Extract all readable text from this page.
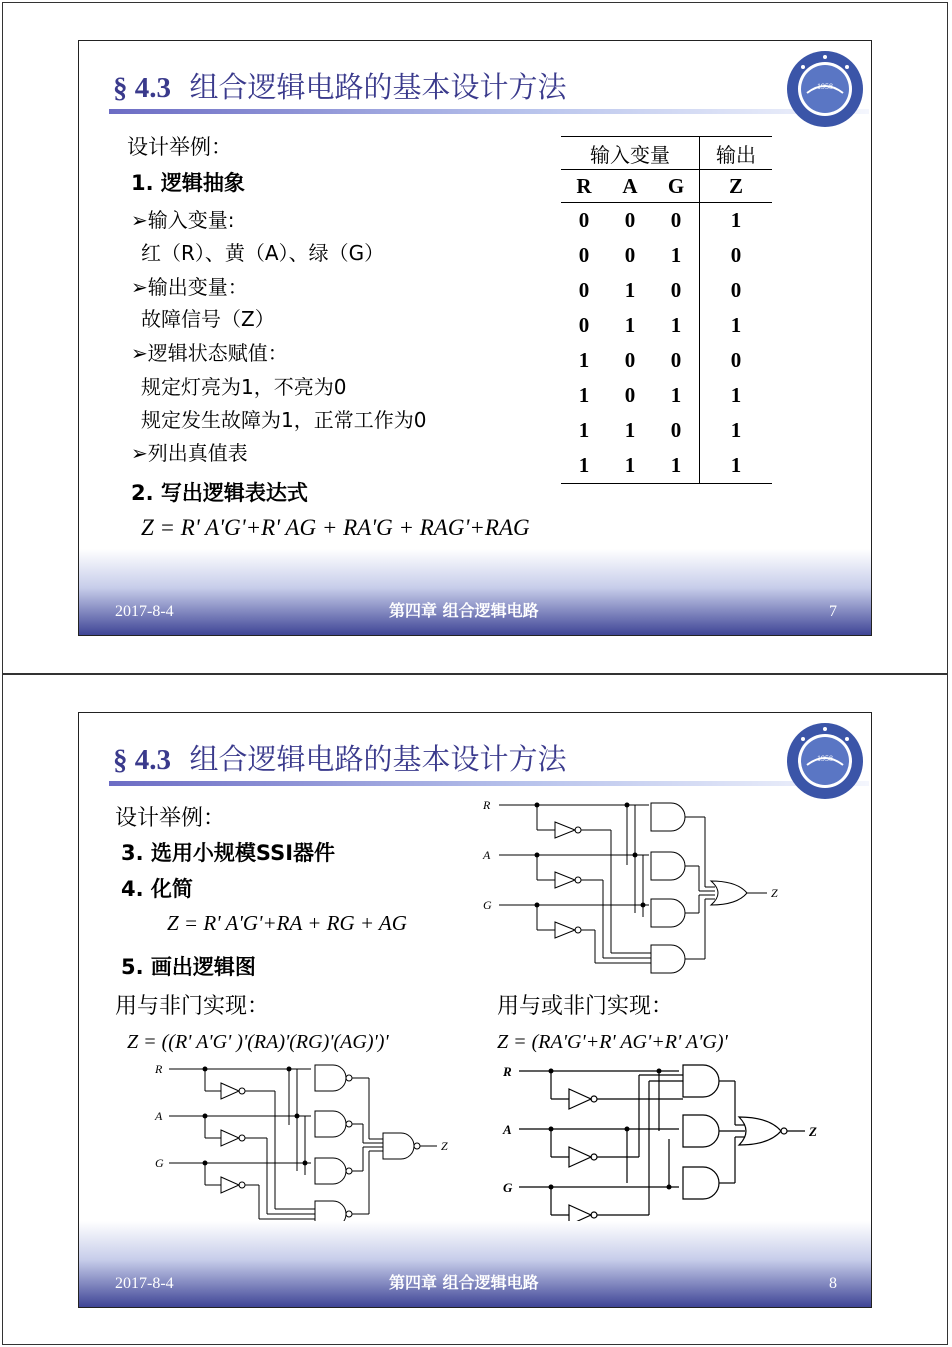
§ 4.3 组合逻辑电路的基本设计方法	1958
设计举例：
1. 逻辑抽象
➢输入变量:
红（R）、黄（A）、绿（G）
➢输出变量：
故障信号（Z）
➢逻辑状态赋值：
规定灯亮为1，不亮为0
规定发生故障为1，正常工作为0
➢列出真值表
2. 写出逻辑表达式
Z = R' A'G'+R' AG + RA'G + RAG'+RAG
输入变量			输出
R	A	G	Z
0	0	0	1
0	0	1	0
0	1	0	0
0	1	1	1
1	0	0	0
1	0	1	1
1	1	0	1
1	1	1	1
2017-8-4	第四章 组合逻辑电路	7
§ 4.3 组合逻辑电路的基本设计方法	1958
设计举例：
3. 选用小规模SSI器件
4. 化简
Z = R' A'G'+RA + RG + AG
5. 画出逻辑图
用与非门实现：	用与或非门实现：
Z = ((R' A'G' )'(RA)'(RG)'(AG)')'	Z = (RA'G'+R' AG'+R' A'G)'
R
A
G
Z
R
A
G
Z
R
A
G
Z
2017-8-4	第四章 组合逻辑电路	8
